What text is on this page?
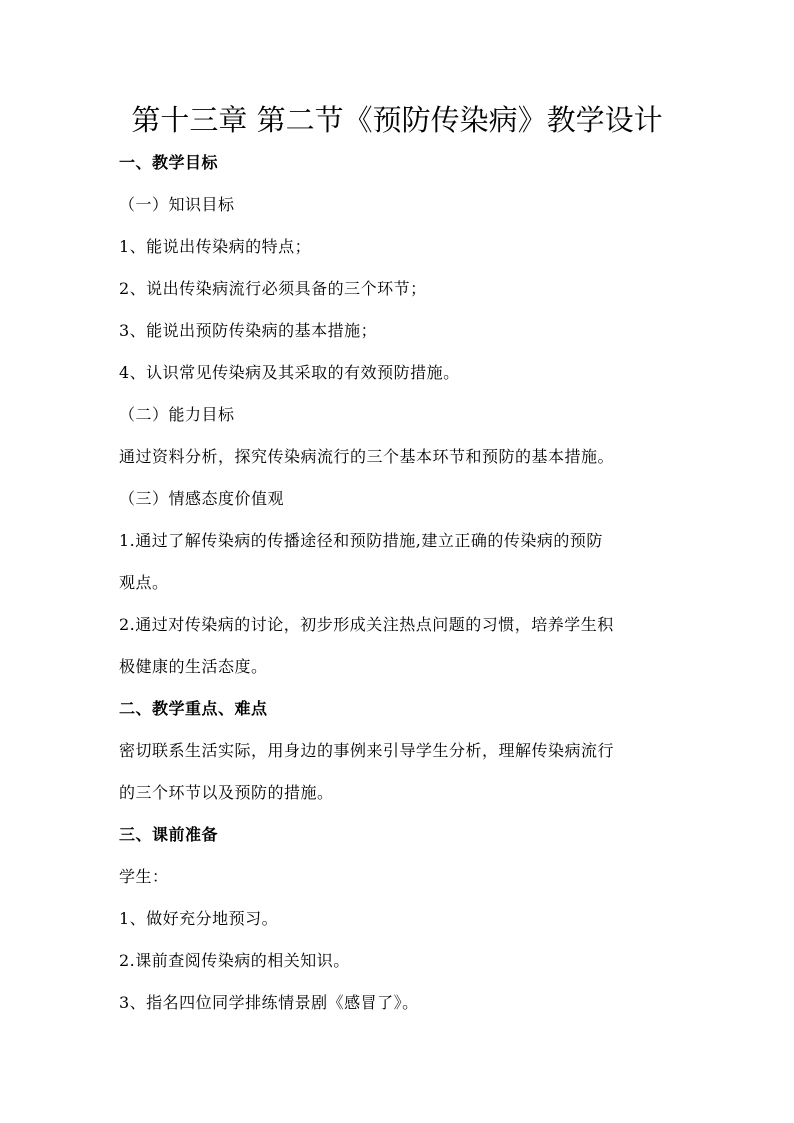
第十三章 第二节《预防传染病》教学设计

一、教学目标

（一）知识目标

1、能说出传染病的特点；

2、说出传染病流行必须具备的三个环节；

3、能说出预防传染病的基本措施；

4、认识常见传染病及其采取的有效预防措施。

（二）能力目标

通过资料分析，探究传染病流行的三个基本环节和预防的基本措施。

（三）情感态度价值观

1.通过了解传染病的传播途径和预防措施,建立正确的传染病的预防

观点。

2.通过对传染病的讨论，初步形成关注热点问题的习惯，培养学生积

极健康的生活态度。

二、教学重点、难点

密切联系生活实际，用身边的事例来引导学生分析，理解传染病流行

的三个环节以及预防的措施。

三、课前准备

学生：

1、做好充分地预习。

2.课前查阅传染病的相关知识。

3、指名四位同学排练情景剧《感冒了》。
